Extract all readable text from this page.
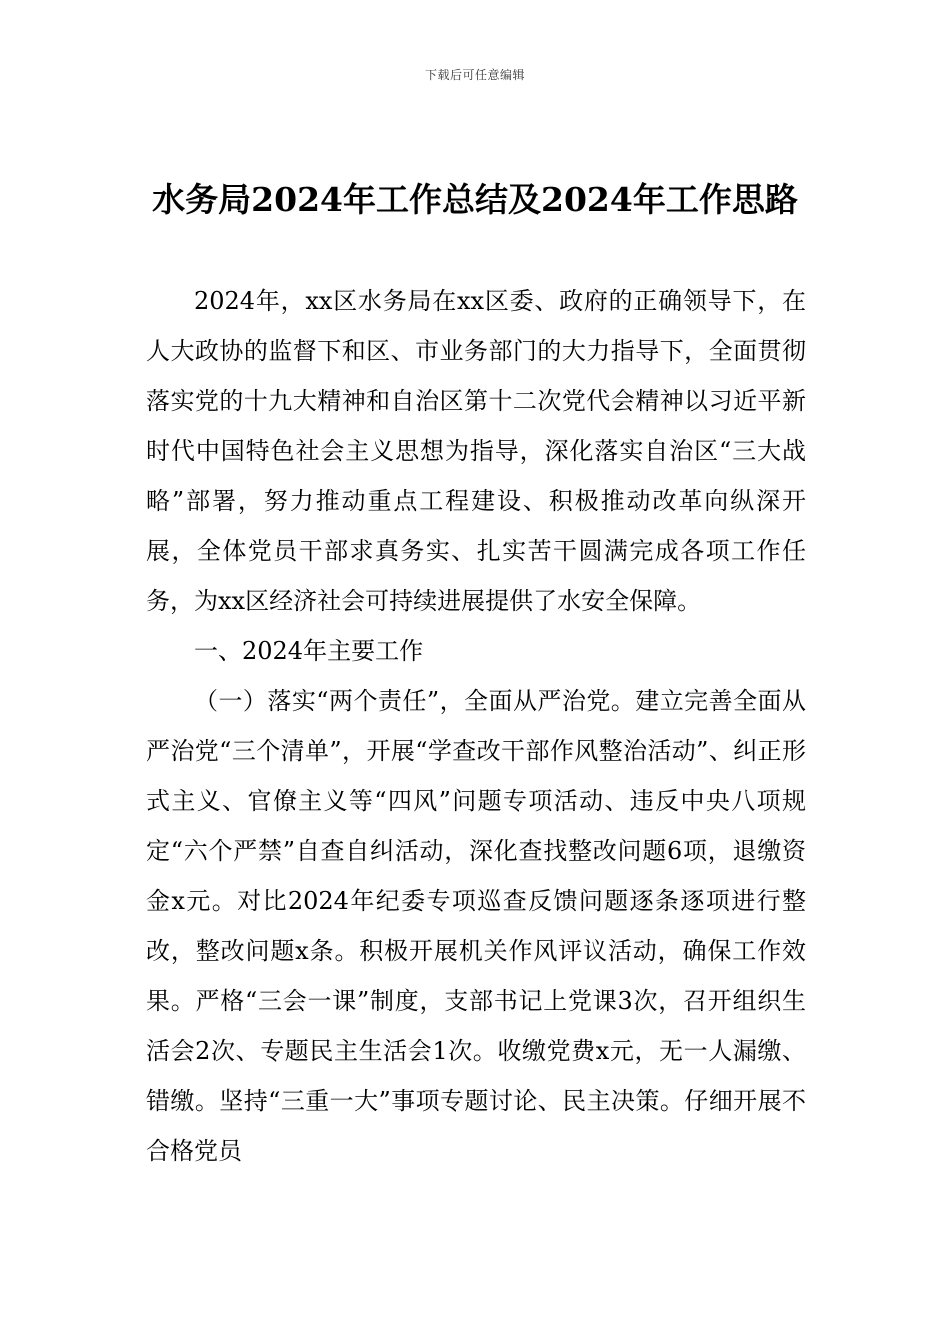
下载后可任意编辑
水务局2024年工作总结及2024年工作思路

2024年，xx区水务局在xx区委、政府的正确领导下，在人大政协的监督下和区、市业务部门的大力指导下，全面贯彻落实党的十九大精神和自治区第十二次党代会精神以习近平新时代中国特色社会主义思想为指导，深化落实自治区“三大战略”部署，努力推动重点工程建设、积极推动改革向纵深开展，全体党员干部求真务实、扎实苦干圆满完成各项工作任务，为xx区经济社会可持续进展提供了水安全保障。

一、2024年主要工作

（一）落实“两个责任”，全面从严治党。建立完善全面从严治党“三个清单”，开展“学查改干部作风整治活动”、纠正形式主义、官僚主义等“四风”问题专项活动、违反中央八项规定“六个严禁”自查自纠活动，深化查找整改问题6项，退缴资金x元。对比2024年纪委专项巡查反馈问题逐条逐项进行整改，整改问题x条。积极开展机关作风评议活动，确保工作效果。严格“三会一课”制度，支部书记上党课3次，召开组织生活会2次、专题民主生活会1次。收缴党费x元，无一人漏缴、错缴。坚持“三重一大”事项专题讨论、民主决策。仔细开展不合格党员
